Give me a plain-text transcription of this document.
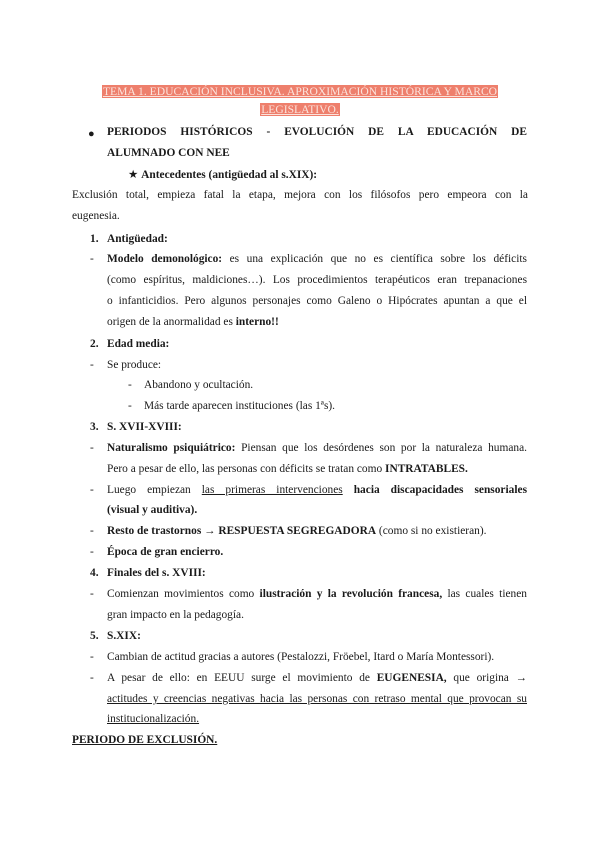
TEMA 1. EDUCACIÓN INCLUSIVA. APROXIMACIÓN HISTÓRICA Y MARCO
LEGISLATIVO.
● PERIODOS HISTÓRICOS - EVOLUCIÓN DE LA EDUCACIÓN DE
ALUMNADO CON NEE
★ Antecedentes (antigüedad al s.XIX):
Exclusión total, empieza fatal la etapa, mejora con los filósofos pero empeora con la
eugenesia.
1. Antigüedad:
- Modelo demonológico: es una explicación que no es científica sobre los déficits
(como espíritus, maldiciones…). Los procedimientos terapéuticos eran trepanaciones
o infanticidios. Pero algunos personajes como Galeno o Hipócrates apuntan a que el
origen de la anormalidad es interno!!
2. Edad media:
- Se produce:
- Abandono y ocultación.
- Más tarde aparecen instituciones (las 1ªs).
3. S. XVII-XVIII:
- Naturalismo psiquiátrico: Piensan que los desórdenes son por la naturaleza humana.
Pero a pesar de ello, las personas con déficits se tratan como INTRATABLES.
- Luego empiezan las primeras intervenciones hacia discapacidades sensoriales
(visual y auditiva).
- Resto de trastornos → RESPUESTA SEGREGADORA (como si no existieran).
- Época de gran encierro.
4. Finales del s. XVIII:
- Comienzan movimientos como ilustración y la revolución francesa, las cuales tienen
gran impacto en la pedagogía.
5. S.XIX:
- Cambian de actitud gracias a autores (Pestalozzi, Fröebel, Itard o María Montessori).
- A pesar de ello: en EEUU surge el movimiento de EUGENESIA, que origina →
actitudes y creencias negativas hacia las personas con retraso mental que provocan su
institucionalización.
PERIODO DE EXCLUSIÓN.
